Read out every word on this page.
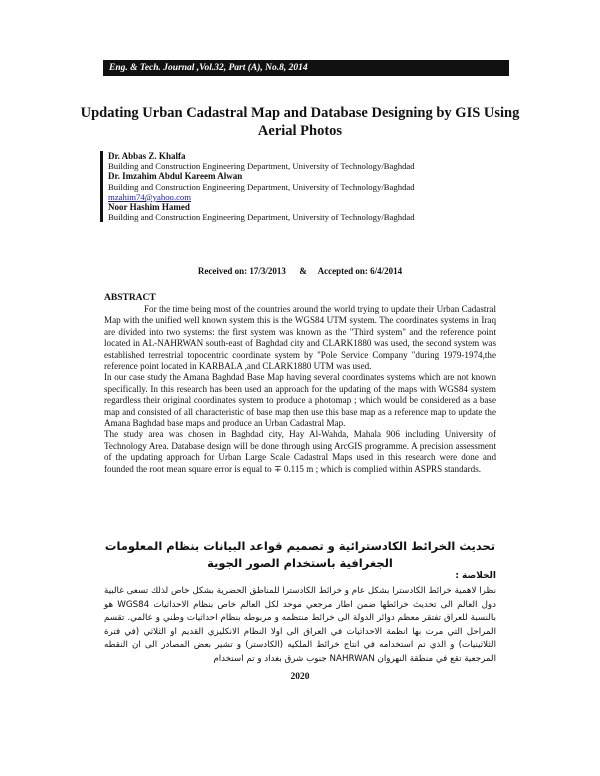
Eng. & Tech. Journal ,Vol.32, Part (A), No.8, 2014
Updating Urban Cadastral Map and Database Designing by GIS Using Aerial Photos
Dr. Abbas Z. Khalfa
Building and Construction Engineering Department, University of Technology/Baghdad
Dr. Imzahim Abdul Kareem Alwan
Building and Construction Engineering Department, University of Technology/Baghdad
mzahim74@yahoo.com
Noor Hashim Hamed
Building and Construction Engineering Department, University of Technology/Baghdad
Received on: 17/3/2013 & Accepted on: 6/4/2014
ABSTRACT

For the time being most of the countries around the world trying to update their Urban Cadastral Map with the unified well known system this is the WGS84 UTM system. The coordinates systems in Iraq are divided into two systems: the first system was known as the "Third system" and the reference point located in AL-NAHRWAN south-east of Baghdad city and CLARK1880 was used, the second system was established terrestrial topocentric coordinate system by "Pole Service Company "during 1979-1974,the reference point located in KARBALA ,and CLARK1880 UTM was used.

In our case study the Amana Baghdad Base Map having several coordinates systems which are not known specifically. In this research has been used an approach for the updating of the maps with WGS84 system regardless their original coordinates system to produce a photomap ; which would be considered as a base map and consisted of all characteristic of base map then use this base map as a reference map to update the Amana Baghdad base maps and produce an Urban Cadastral Map.

The study area was chosen in Baghdad city, Hay Al-Wahda, Mahala 906 including University of Technology Area. Database design will be done through using ArcGIS programme. A precision assessment of the updating approach for Urban Large Scale Cadastral Maps used in this research were done and founded the root mean square error is equal to ∓ 0.115 m ; which is complied within ASPRS standards.

تحديث الخرائط الكادسترائية و تصميم قواعد البيانات بنظام المعلومات الجغرافية باستخدام الصور الجوية
الخلاصة :
نظرا لاهمية خرائط الكادسترا بشكل عام و خرائط الكادسترا للمناطق الحضرية بشكل خاص لذلك تسعى غالبية دول العالم الى تحديث خرائطها ضمن اطار مرجعي موحد لكل العالم خاص بنظام الاحداثيات WGS84 هو بالنسبة للعراق تفتقر معظم دوائر الدولة الى خرائط منتظمه و مربوطه بنظام احداثيات وطني و عالمي. تقسم المراحل التي مرت بها انظمة الاحداثيات في العراق الى اولا النظام الانكليزي القديم او الثلاثي (في فترة الثلاثينيات) و الذي تم استخدامه في انتاج خرائط الملكيه (الكادستر) و تشير بعض المصادر الى ان النقطه المرجعية تقع في منطقة النهروان NAHRWAN جنوب شرق بغداد و تم استخدام
2020
